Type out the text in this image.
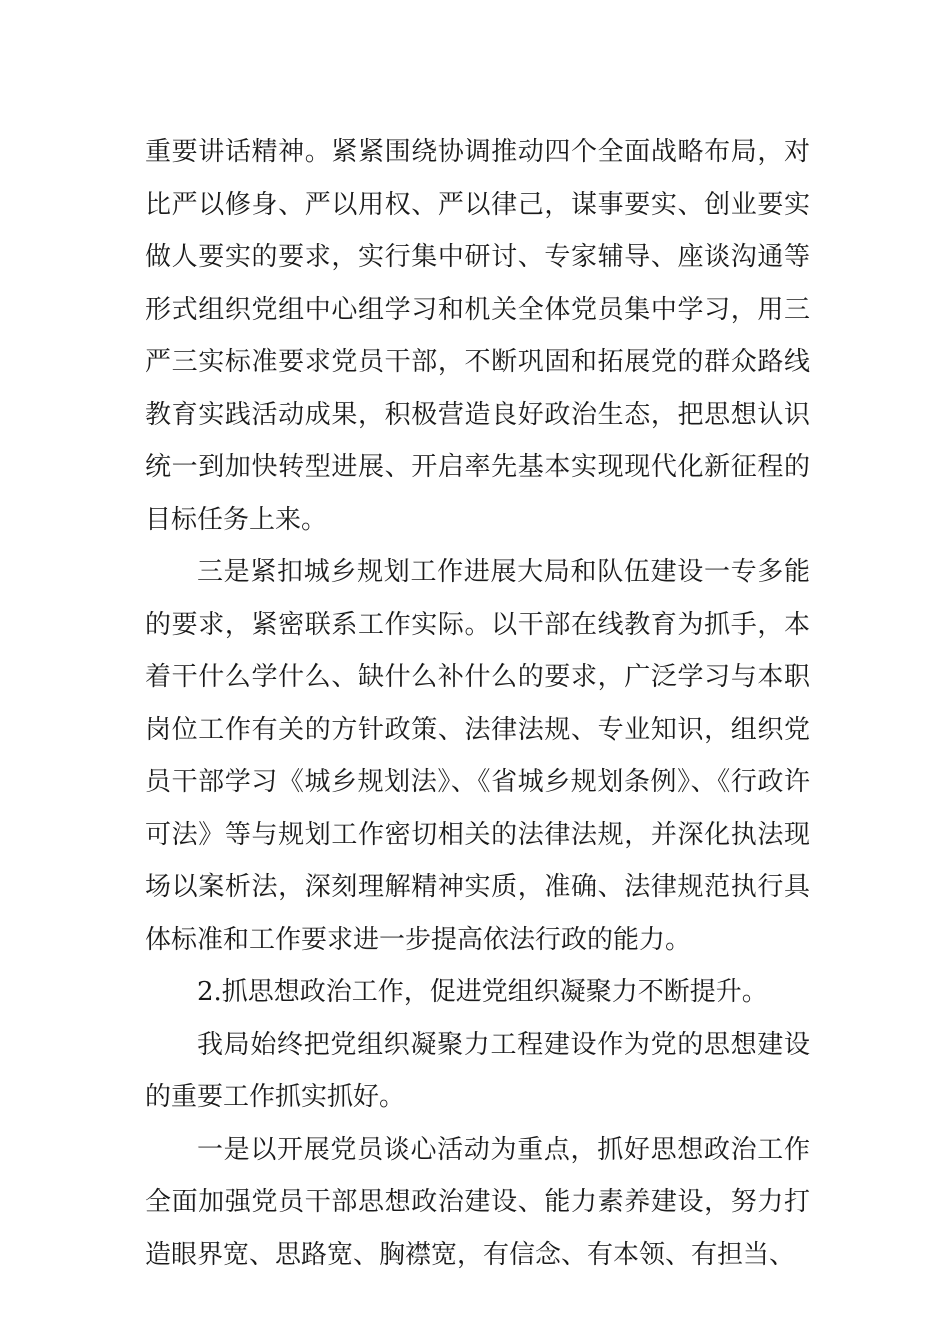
重要讲话精神。紧紧围绕协调推动四个全面战略布局，对比严以修身、严以用权、严以律己，谋事要实、创业要实做人要实的要求，实行集中研讨、专家辅导、座谈沟通等形式组织党组中心组学习和机关全体党员集中学习，用三严三实标准要求党员干部，不断巩固和拓展党的群众路线教育实践活动成果，积极营造良好政治生态，把思想认识统一到加快转型进展、开启率先基本实现现代化新征程的目标任务上来。

三是紧扣城乡规划工作进展大局和队伍建设一专多能的要求，紧密联系工作实际。以干部在线教育为抓手，本着干什么学什么、缺什么补什么的要求，广泛学习与本职岗位工作有关的方针政策、法律法规、专业知识，组织党员干部学习《城乡规划法》、《省城乡规划条例》、《行政许可法》等与规划工作密切相关的法律法规，并深化执法现场以案析法，深刻理解精神实质，准确、法律规范执行具体标准和工作要求进一步提高依法行政的能力。

2.抓思想政治工作，促进党组织凝聚力不断提升。

我局始终把党组织凝聚力工程建设作为党的思想建设的重要工作抓实抓好。

一是以开展党员谈心活动为重点，抓好思想政治工作全面加强党员干部思想政治建设、能力素养建设，努力打造眼界宽、思路宽、胸襟宽，有信念、有本领、有担当、
